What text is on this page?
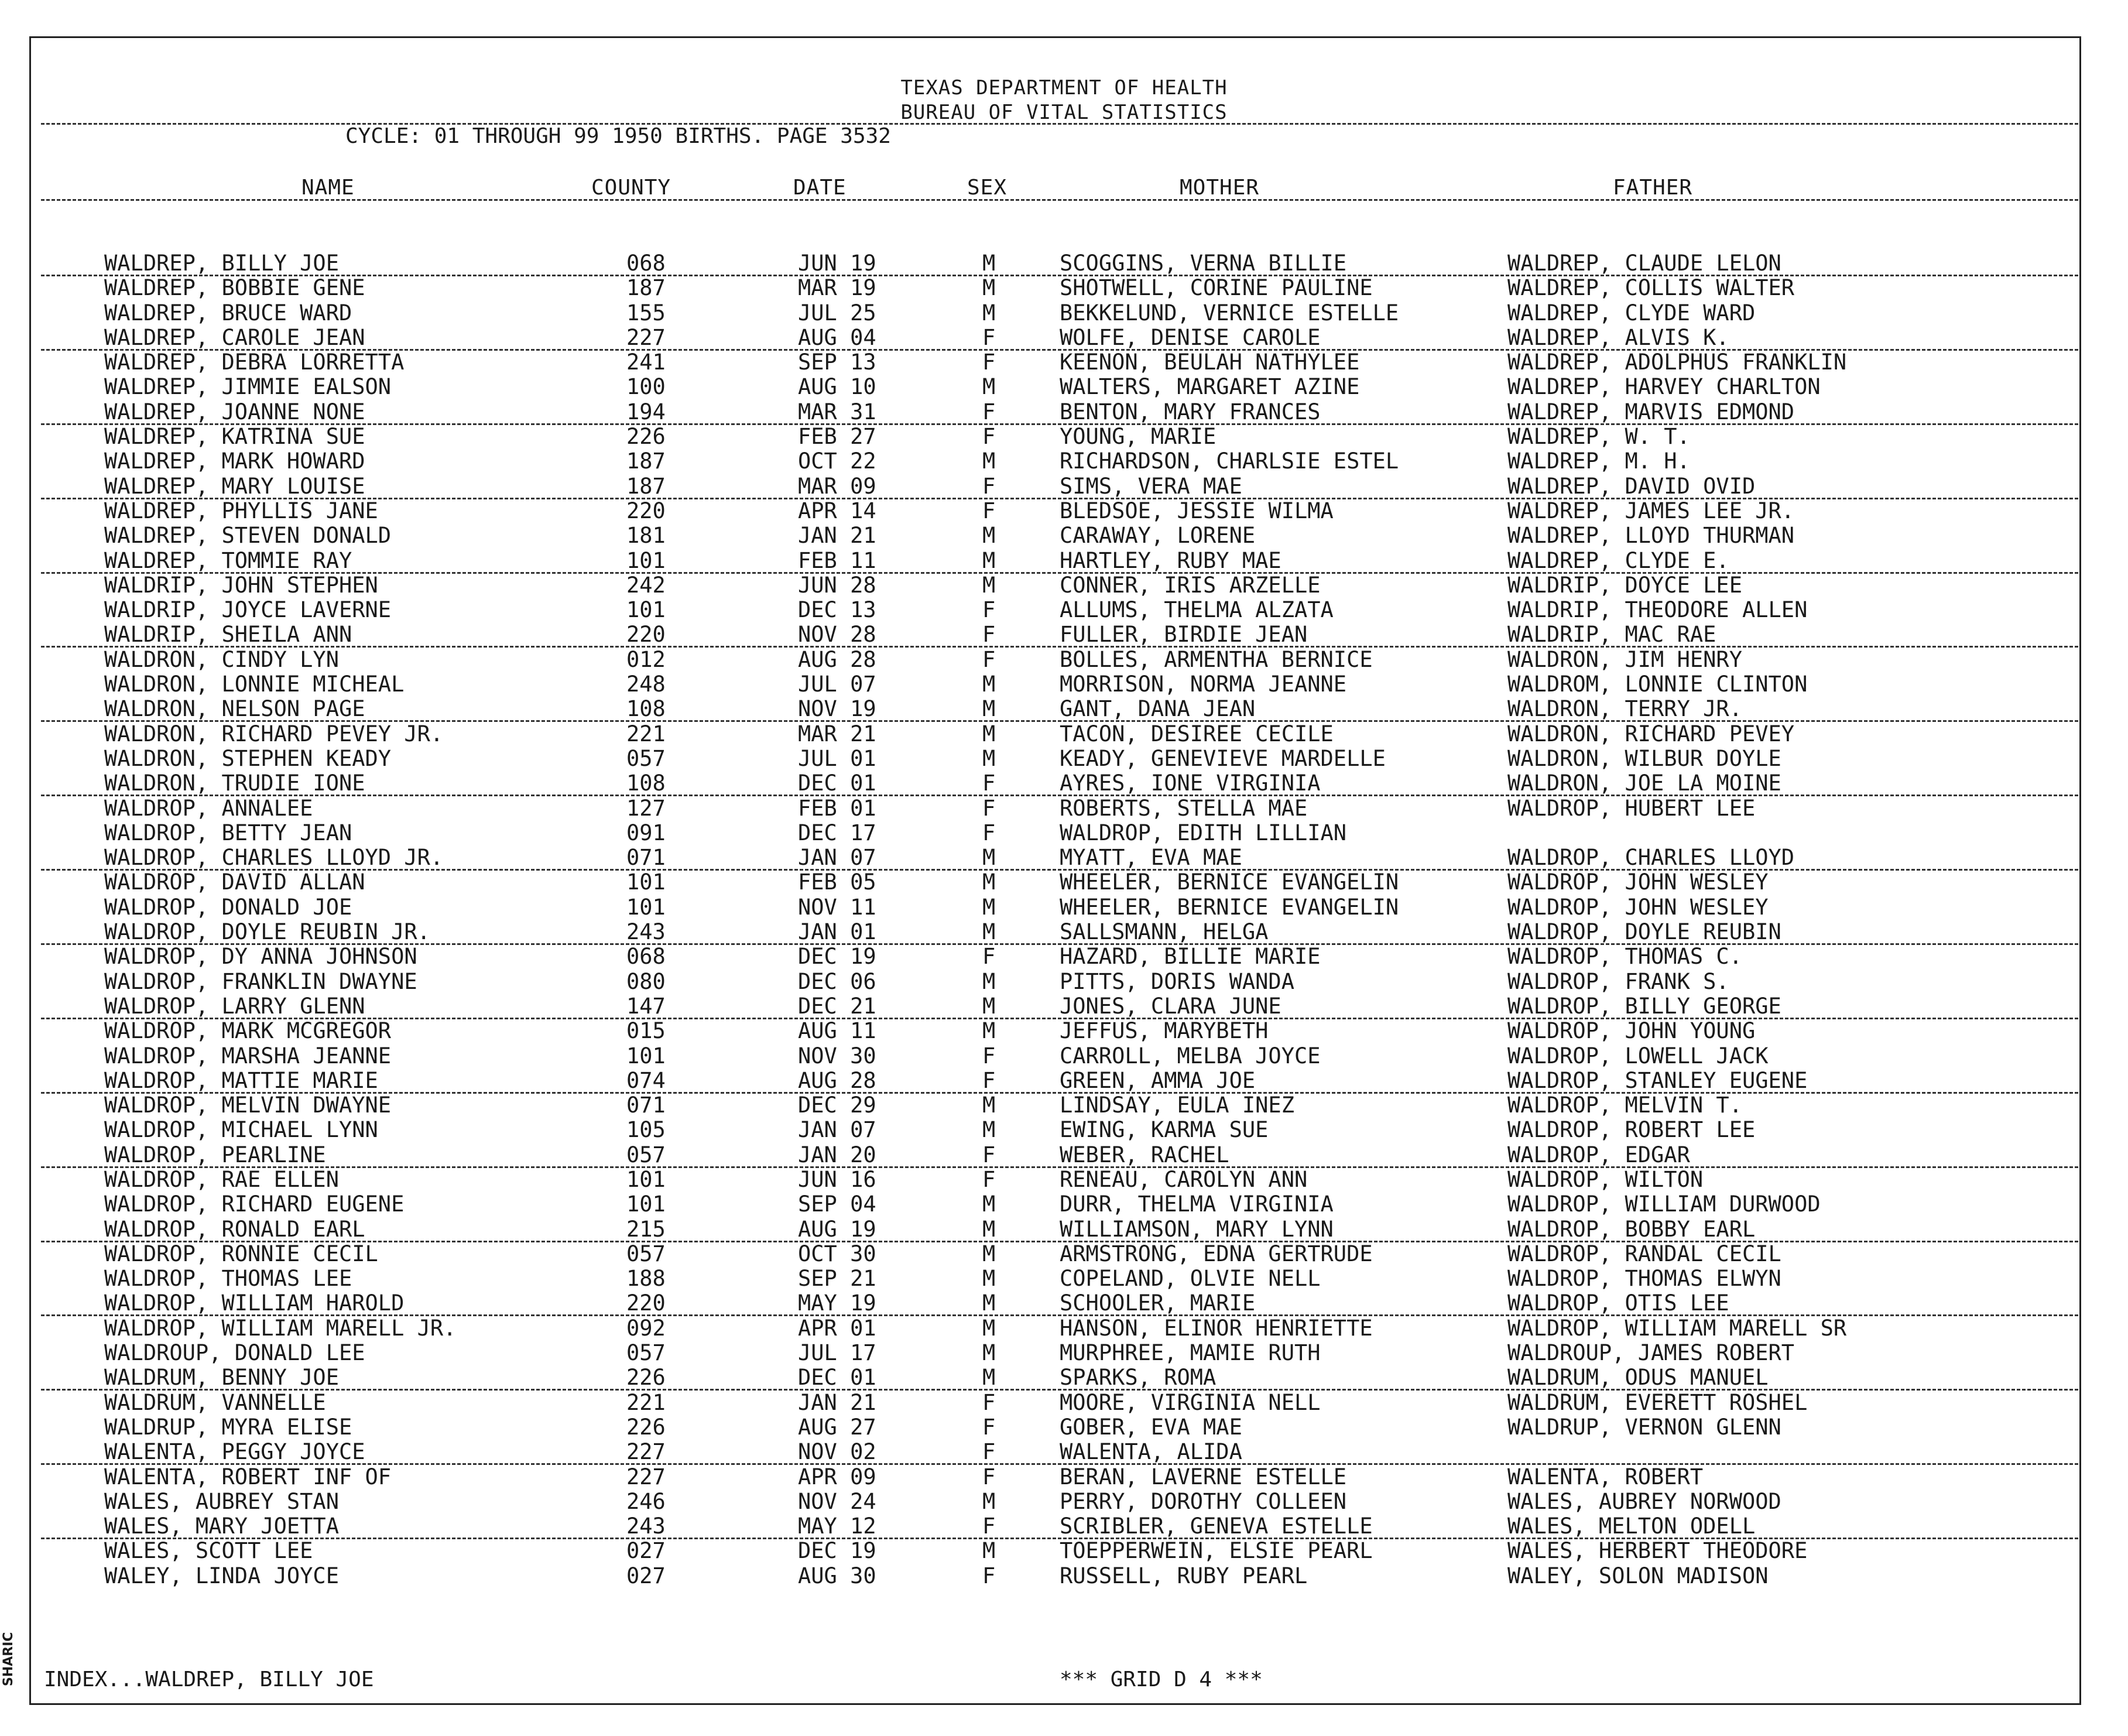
TEXAS DEPARTMENT OF HEALTH
BUREAU OF VITAL STATISTICS
CYCLE: 01 THROUGH 99 1950 BIRTHS. PAGE 3532
NAME	COUNTY	DATE	SEX	MOTHER	FATHER
WALDREP, BILLY JOE	068	JUN 19	M	SCOGGINS, VERNA BILLIE	WALDREP, CLAUDE LELON
WALDREP, BOBBIE GENE	187	MAR 19	M	SHOTWELL, CORINE PAULINE	WALDREP, COLLIS WALTER
WALDREP, BRUCE WARD	155	JUL 25	M	BEKKELUND, VERNICE ESTELLE	WALDREP, CLYDE WARD
WALDREP, CAROLE JEAN	227	AUG 04	F	WOLFE, DENISE CAROLE	WALDREP, ALVIS K.
WALDREP, DEBRA LORRETTA	241	SEP 13	F	KEENON, BEULAH NATHYLEE	WALDREP, ADOLPHUS FRANKLIN
WALDREP, JIMMIE EALSON	100	AUG 10	M	WALTERS, MARGARET AZINE	WALDREP, HARVEY CHARLTON
WALDREP, JOANNE NONE	194	MAR 31	F	BENTON, MARY FRANCES	WALDREP, MARVIS EDMOND
WALDREP, KATRINA SUE	226	FEB 27	F	YOUNG, MARIE	WALDREP, W. T.
WALDREP, MARK HOWARD	187	OCT 22	M	RICHARDSON, CHARLSIE ESTEL	WALDREP, M. H.
WALDREP, MARY LOUISE	187	MAR 09	F	SIMS, VERA MAE	WALDREP, DAVID OVID
WALDREP, PHYLLIS JANE	220	APR 14	F	BLEDSOE, JESSIE WILMA	WALDREP, JAMES LEE JR.
WALDREP, STEVEN DONALD	181	JAN 21	M	CARAWAY, LORENE	WALDREP, LLOYD THURMAN
WALDREP, TOMMIE RAY	101	FEB 11	M	HARTLEY, RUBY MAE	WALDREP, CLYDE E.
WALDRIP, JOHN STEPHEN	242	JUN 28	M	CONNER, IRIS ARZELLE	WALDRIP, DOYCE LEE
WALDRIP, JOYCE LAVERNE	101	DEC 13	F	ALLUMS, THELMA ALZATA	WALDRIP, THEODORE ALLEN
WALDRIP, SHEILA ANN	220	NOV 28	F	FULLER, BIRDIE JEAN	WALDRIP, MAC RAE
WALDRON, CINDY LYN	012	AUG 28	F	BOLLES, ARMENTHA BERNICE	WALDRON, JIM HENRY
WALDRON, LONNIE MICHEAL	248	JUL 07	M	MORRISON, NORMA JEANNE	WALDROM, LONNIE CLINTON
WALDRON, NELSON PAGE	108	NOV 19	M	GANT, DANA JEAN	WALDRON, TERRY JR.
WALDRON, RICHARD PEVEY JR.	221	MAR 21	M	TACON, DESIREE CECILE	WALDRON, RICHARD PEVEY
WALDRON, STEPHEN KEADY	057	JUL 01	M	KEADY, GENEVIEVE MARDELLE	WALDRON, WILBUR DOYLE
WALDRON, TRUDIE IONE	108	DEC 01	F	AYRES, IONE VIRGINIA	WALDRON, JOE LA MOINE
WALDROP, ANNALEE	127	FEB 01	F	ROBERTS, STELLA MAE	WALDROP, HUBERT LEE
WALDROP, BETTY JEAN	091	DEC 17	F	WALDROP, EDITH LILLIAN
WALDROP, CHARLES LLOYD JR.	071	JAN 07	M	MYATT, EVA MAE	WALDROP, CHARLES LLOYD
WALDROP, DAVID ALLAN	101	FEB 05	M	WHEELER, BERNICE EVANGELIN	WALDROP, JOHN WESLEY
WALDROP, DONALD JOE	101	NOV 11	M	WHEELER, BERNICE EVANGELIN	WALDROP, JOHN WESLEY
WALDROP, DOYLE REUBIN JR.	243	JAN 01	M	SALLSMANN, HELGA	WALDROP, DOYLE REUBIN
WALDROP, DY ANNA JOHNSON	068	DEC 19	F	HAZARD, BILLIE MARIE	WALDROP, THOMAS C.
WALDROP, FRANKLIN DWAYNE	080	DEC 06	M	PITTS, DORIS WANDA	WALDROP, FRANK S.
WALDROP, LARRY GLENN	147	DEC 21	M	JONES, CLARA JUNE	WALDROP, BILLY GEORGE
WALDROP, MARK MCGREGOR	015	AUG 11	M	JEFFUS, MARYBETH	WALDROP, JOHN YOUNG
WALDROP, MARSHA JEANNE	101	NOV 30	F	CARROLL, MELBA JOYCE	WALDROP, LOWELL JACK
WALDROP, MATTIE MARIE	074	AUG 28	F	GREEN, AMMA JOE	WALDROP, STANLEY EUGENE
WALDROP, MELVIN DWAYNE	071	DEC 29	M	LINDSAY, EULA INEZ	WALDROP, MELVIN T.
WALDROP, MICHAEL LYNN	105	JAN 07	M	EWING, KARMA SUE	WALDROP, ROBERT LEE
WALDROP, PEARLINE	057	JAN 20	F	WEBER, RACHEL	WALDROP, EDGAR
WALDROP, RAE ELLEN	101	JUN 16	F	RENEAU, CAROLYN ANN	WALDROP, WILTON
WALDROP, RICHARD EUGENE	101	SEP 04	M	DURR, THELMA VIRGINIA	WALDROP, WILLIAM DURWOOD
WALDROP, RONALD EARL	215	AUG 19	M	WILLIAMSON, MARY LYNN	WALDROP, BOBBY EARL
WALDROP, RONNIE CECIL	057	OCT 30	M	ARMSTRONG, EDNA GERTRUDE	WALDROP, RANDAL CECIL
WALDROP, THOMAS LEE	188	SEP 21	M	COPELAND, OLVIE NELL	WALDROP, THOMAS ELWYN
WALDROP, WILLIAM HAROLD	220	MAY 19	M	SCHOOLER, MARIE	WALDROP, OTIS LEE
WALDROP, WILLIAM MARELL JR.	092	APR 01	M	HANSON, ELINOR HENRIETTE	WALDROP, WILLIAM MARELL SR
WALDROUP, DONALD LEE	057	JUL 17	M	MURPHREE, MAMIE RUTH	WALDROUP, JAMES ROBERT
WALDRUM, BENNY JOE	226	DEC 01	M	SPARKS, ROMA	WALDRUM, ODUS MANUEL
WALDRUM, VANNELLE	221	JAN 21	F	MOORE, VIRGINIA NELL	WALDRUM, EVERETT ROSHEL
WALDRUP, MYRA ELISE	226	AUG 27	F	GOBER, EVA MAE	WALDRUP, VERNON GLENN
WALENTA, PEGGY JOYCE	227	NOV 02	F	WALENTA, ALIDA
WALENTA, ROBERT INF OF	227	APR 09	F	BERAN, LAVERNE ESTELLE	WALENTA, ROBERT
WALES, AUBREY STAN	246	NOV 24	M	PERRY, DOROTHY COLLEEN	WALES, AUBREY NORWOOD
WALES, MARY JOETTA	243	MAY 12	F	SCRIBLER, GENEVA ESTELLE	WALES, MELTON ODELL
WALES, SCOTT LEE	027	DEC 19	M	TOEPPERWEIN, ELSIE PEARL	WALES, HERBERT THEODORE
WALEY, LINDA JOYCE	027	AUG 30	F	RUSSELL, RUBY PEARL	WALEY, SOLON MADISON
INDEX...WALDREP, BILLY JOE	*** GRID D 4 ***
SHARIC
